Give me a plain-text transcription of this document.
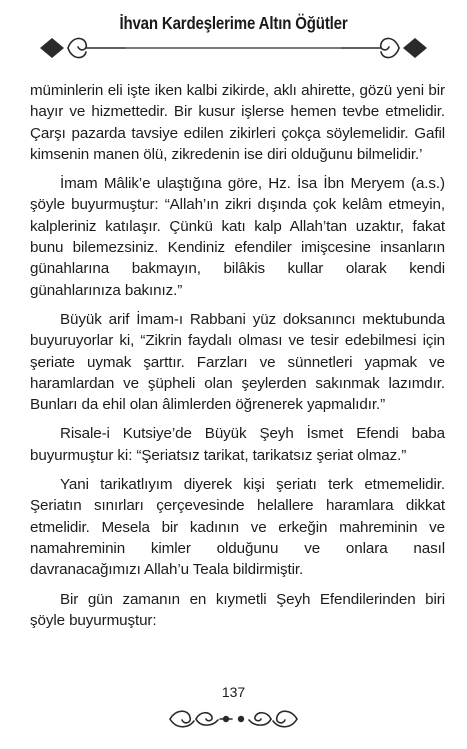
İhvan Kardeşlerime Altın Öğütler

müminlerin eli işte iken kalbi zikirde, aklı ahirette, gözü yeni bir hayır ve hizmettedir. Bir kusur işlerse hemen tevbe etmelidir. Çarşı pazarda tavsiye edilen zikirleri çokça söylemelidir. Gafil kimsenin manen ölü, zikredenin ise diri olduğunu bilmelidir.’

İmam Mâlik’e ulaştığına göre, Hz. İsa İbn Meryem (a.s.) şöyle buyurmuştur: “Allah’ın zikri dışında çok kelâm etmeyin, kalpleriniz katılaşır. Çünkü katı kalp Allah’tan uzaktır, fakat bunu bilemezsiniz. Kendiniz efendiler imişcesine insanların günahlarına bakmayın, bilâkis kullar olarak kendi günahlarınıza bakınız.”

Büyük arif İmam-ı Rabbani yüz doksanıncı mektubunda buyuruyorlar ki, “Zikrin faydalı olması ve tesir edebilmesi için şeriate uymak şarttır. Farzları ve sünnetleri yapmak ve haramlardan ve şüpheli olan şeylerden sakınmak lazımdır. Bunları da ehil olan âlimlerden öğrenerek yapmalıdır.”

Risale-i Kutsiye’de Büyük Şeyh İsmet Efendi baba buyurmuştur ki: “Şeriatsız tarikat, tarikatsız şeriat olmaz.”

Yani tarikatlıyım diyerek kişi şeriatı terk etmemelidir. Şeriatın sınırları çerçevesinde helallere haramlara dikkat etmelidir. Mesela bir kadının ve erkeğin mahreminin ve namahreminin kimler olduğunu ve onlara nasıl davranacağımızı Allah’u Teala bildirmiştir.

Bir gün zamanın en kıymetli Şeyh Efendilerinden biri şöyle buyurmuştur:

137
